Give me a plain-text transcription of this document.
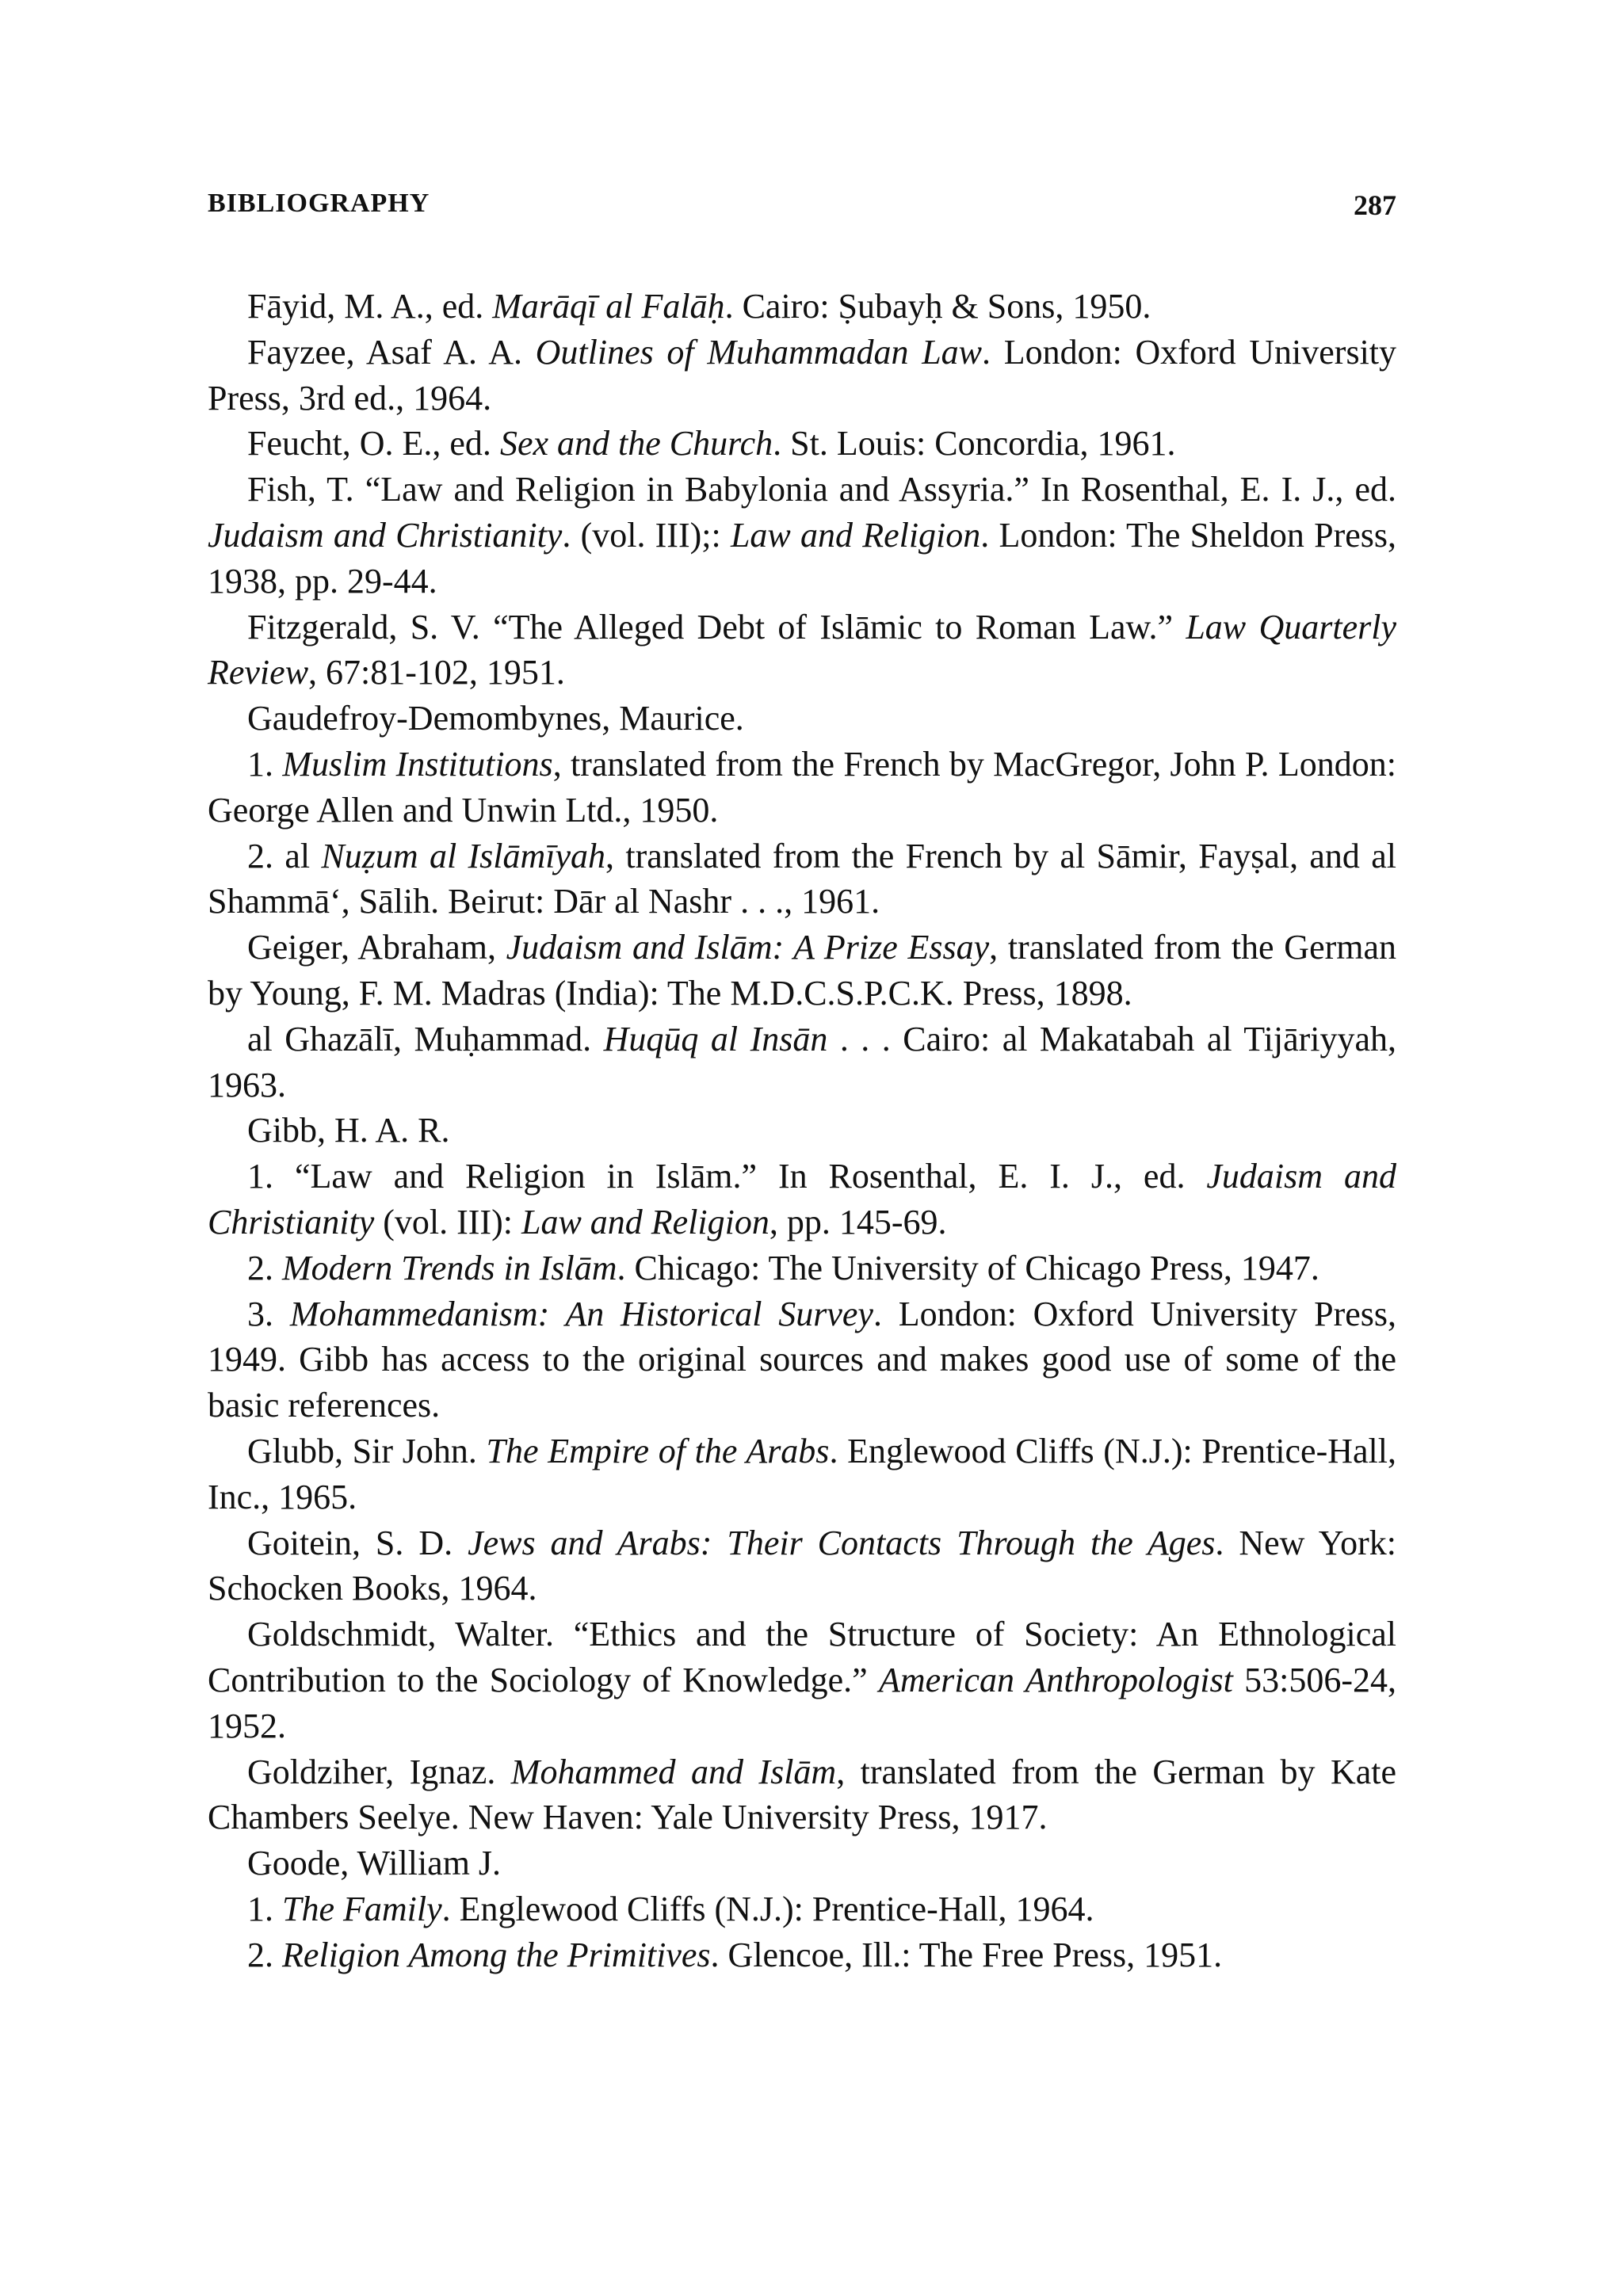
BIBLIOGRAPHY	287

Fāyid, M. A., ed. Marāqī al Falāḥ. Cairo: Ṣubayḥ & Sons, 1950.

Fayzee, Asaf A. A. Outlines of Muhammadan Law. London: Oxford University Press, 3rd ed., 1964.

Feucht, O. E., ed. Sex and the Church. St. Louis: Concordia, 1961.

Fish, T. “Law and Religion in Babylonia and Assyria.” In Rosenthal, E. I. J., ed. Judaism and Christianity. (vol. III);: Law and Religion. London: The Sheldon Press, 1938, pp. 29-44.

Fitzgerald, S. V. “The Alleged Debt of Islāmic to Roman Law.” Law Quarterly Review, 67:81-102, 1951.

Gaudefroy-Demombynes, Maurice.

1. Muslim Institutions, translated from the French by MacGregor, John P. London: George Allen and Unwin Ltd., 1950.

2. al Nuẓum al Islāmīyah, translated from the French by al Sāmir, Fayṣal, and al Shammā‘, Sālih. Beirut: Dār al Nashr . . ., 1961.

Geiger, Abraham, Judaism and Islām: A Prize Essay, translated from the German by Young, F. M. Madras (India): The M.D.C.S.P.C.K. Press, 1898.

al Ghazālī, Muḥammad. Huqūq al Insān . . . Cairo: al Makatabah al Tijāriyyah, 1963.

Gibb, H. A. R.

1. “Law and Religion in Islām.” In Rosenthal, E. I. J., ed. Judaism and Christianity (vol. III): Law and Religion, pp. 145-69.

2. Modern Trends in Islām. Chicago: The University of Chicago Press, 1947.

3. Mohammedanism: An Historical Survey. London: Oxford University Press, 1949. Gibb has access to the original sources and makes good use of some of the basic references.

Glubb, Sir John. The Empire of the Arabs. Englewood Cliffs (N.J.): Prentice-Hall, Inc., 1965.

Goitein, S. D. Jews and Arabs: Their Contacts Through the Ages. New York: Schocken Books, 1964.

Goldschmidt, Walter. “Ethics and the Structure of Society: An Ethnological Contribution to the Sociology of Knowledge.” American Anthropologist 53:506-24, 1952.

Goldziher, Ignaz. Mohammed and Islām, translated from the German by Kate Chambers Seelye. New Haven: Yale University Press, 1917.

Goode, William J.

1. The Family. Englewood Cliffs (N.J.): Prentice-Hall, 1964.

2. Religion Among the Primitives. Glencoe, Ill.: The Free Press, 1951.
